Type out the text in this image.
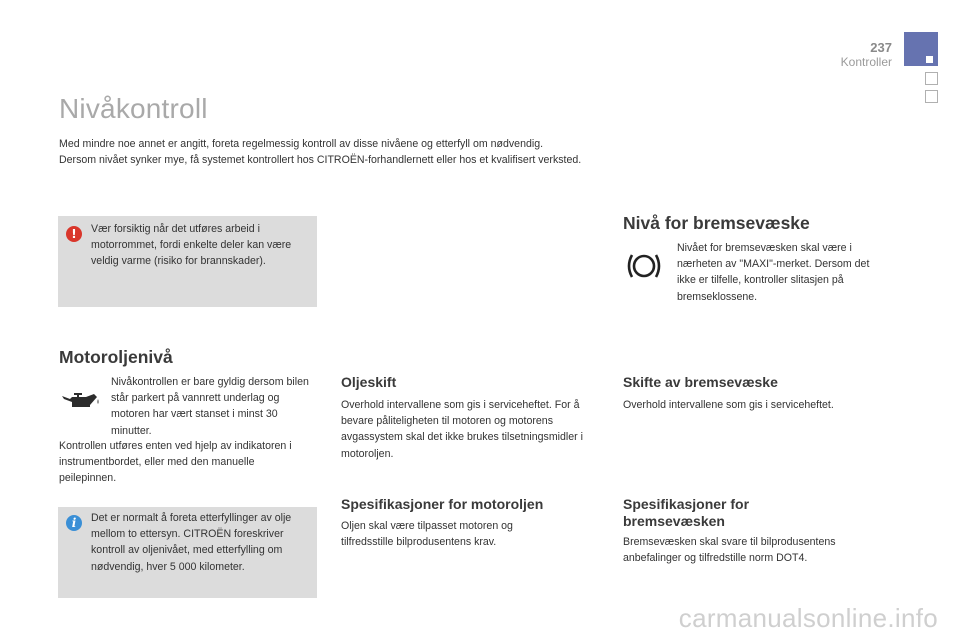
237
Kontroller
Nivåkontroll

Med mindre noe annet er angitt, foreta regelmessig kontroll av disse nivåene og etterfyll om nødvendig.

Dersom nivået synker mye, få systemet kontrollert hos CITROËN-forhandlernett eller hos et kvalifisert verksted.

!	Vær forsiktig når det utføres arbeid i motorrommet, fordi enkelte deler kan være veldig varme (risiko for brannskader).
Motoroljenivå
Nivåkontrollen er bare gyldig dersom bilen står parkert på vannrett underlag og motoren har vært stanset i minst 30 minutter.
Kontrollen utføres enten ved hjelp av indikatoren i instrumentbordet, eller med den manuelle peilepinnen.
i	Det er normalt å foreta etterfyllinger av olje mellom to ettersyn. CITROËN foreskriver kontroll av oljenivået, med etterfylling om nødvendig, hver 5 000 kilometer.
Oljeskift
Overhold intervallene som gis i serviceheftet. For å bevare påliteligheten til motoren og motorens avgassystem skal det ikke brukes tilsetningsmidler i motoroljen.
Spesifikasjoner for motoroljen
Oljen skal være tilpasset motoren og tilfredsstille bilprodusentens krav.
Nivå for bremsevæske
Nivået for bremsevæsken skal være i nærheten av "MAXI"-merket. Dersom det ikke er tilfelle, kontroller slitasjen på bremseklossene.
Skifte av bremsevæske
Overhold intervallene som gis i serviceheftet.
Spesifikasjoner for bremsevæsken
Bremsevæsken skal svare til bilprodusentens anbefalinger og tilfredstille norm DOT4.
carmanualsonline.info
